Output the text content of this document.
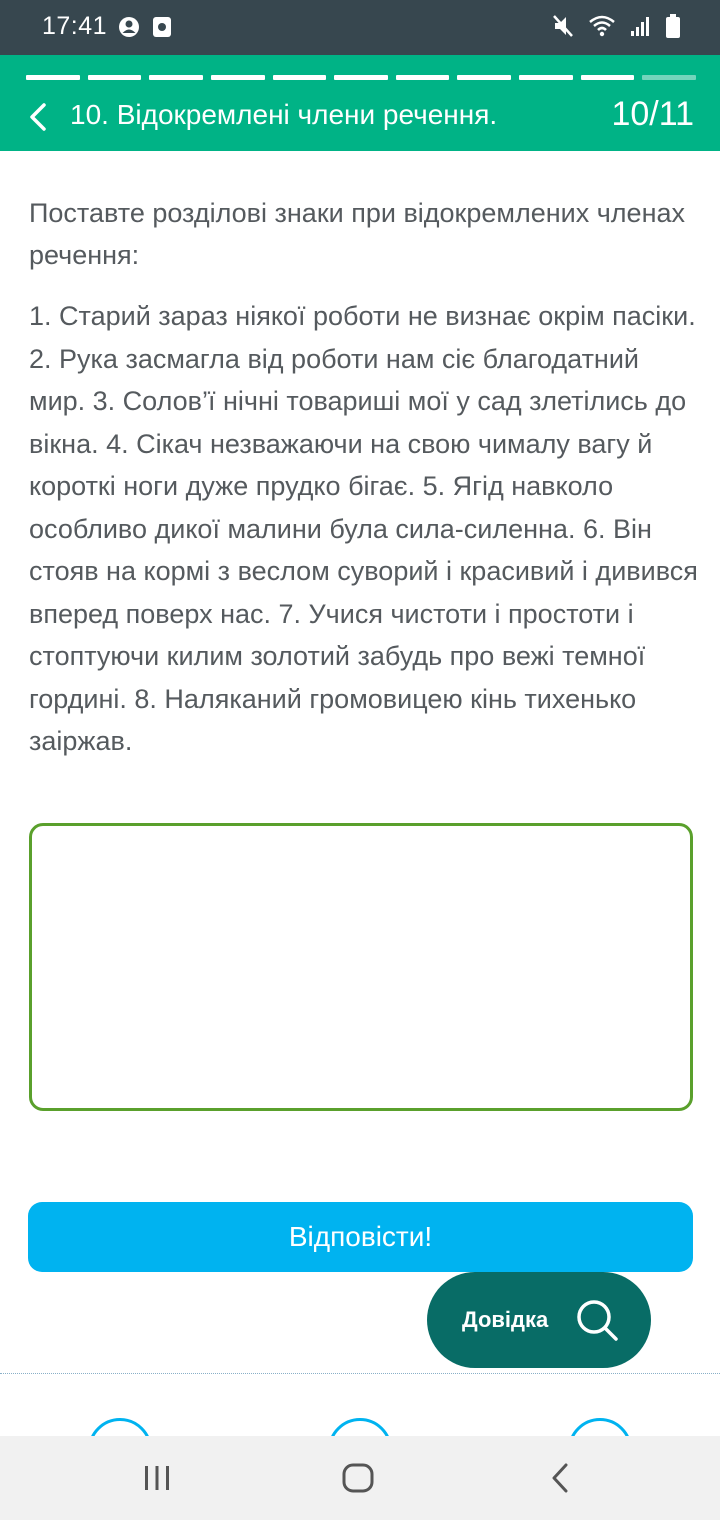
17:41
10. Відокремлені члени речення.	10/11

Поставте розділові знаки при відокремлених членах речення:

1. Старий зараз ніякої роботи не визнає окрім пасіки. 2. Рука засмагла від роботи нам сіє благодатний мир. 3. Солов’ї нічні товариші мої у сад злетілись до вікна. 4. Сікач незважаючи на свою чималу вагу й короткі ноги дуже прудко бігає. 5. Ягід навколо особливо дикої малини була сила-силенна. 6. Він стояв на кормі з веслом суворий і красивий і дивився вперед поверх нас. 7. Учися чистоти і простоти і стоптуючи килим золотий забудь про вежі темної гордині. 8. Наляканий громовицею кінь тихенько заіржав.

Відповісти!
Довідка
